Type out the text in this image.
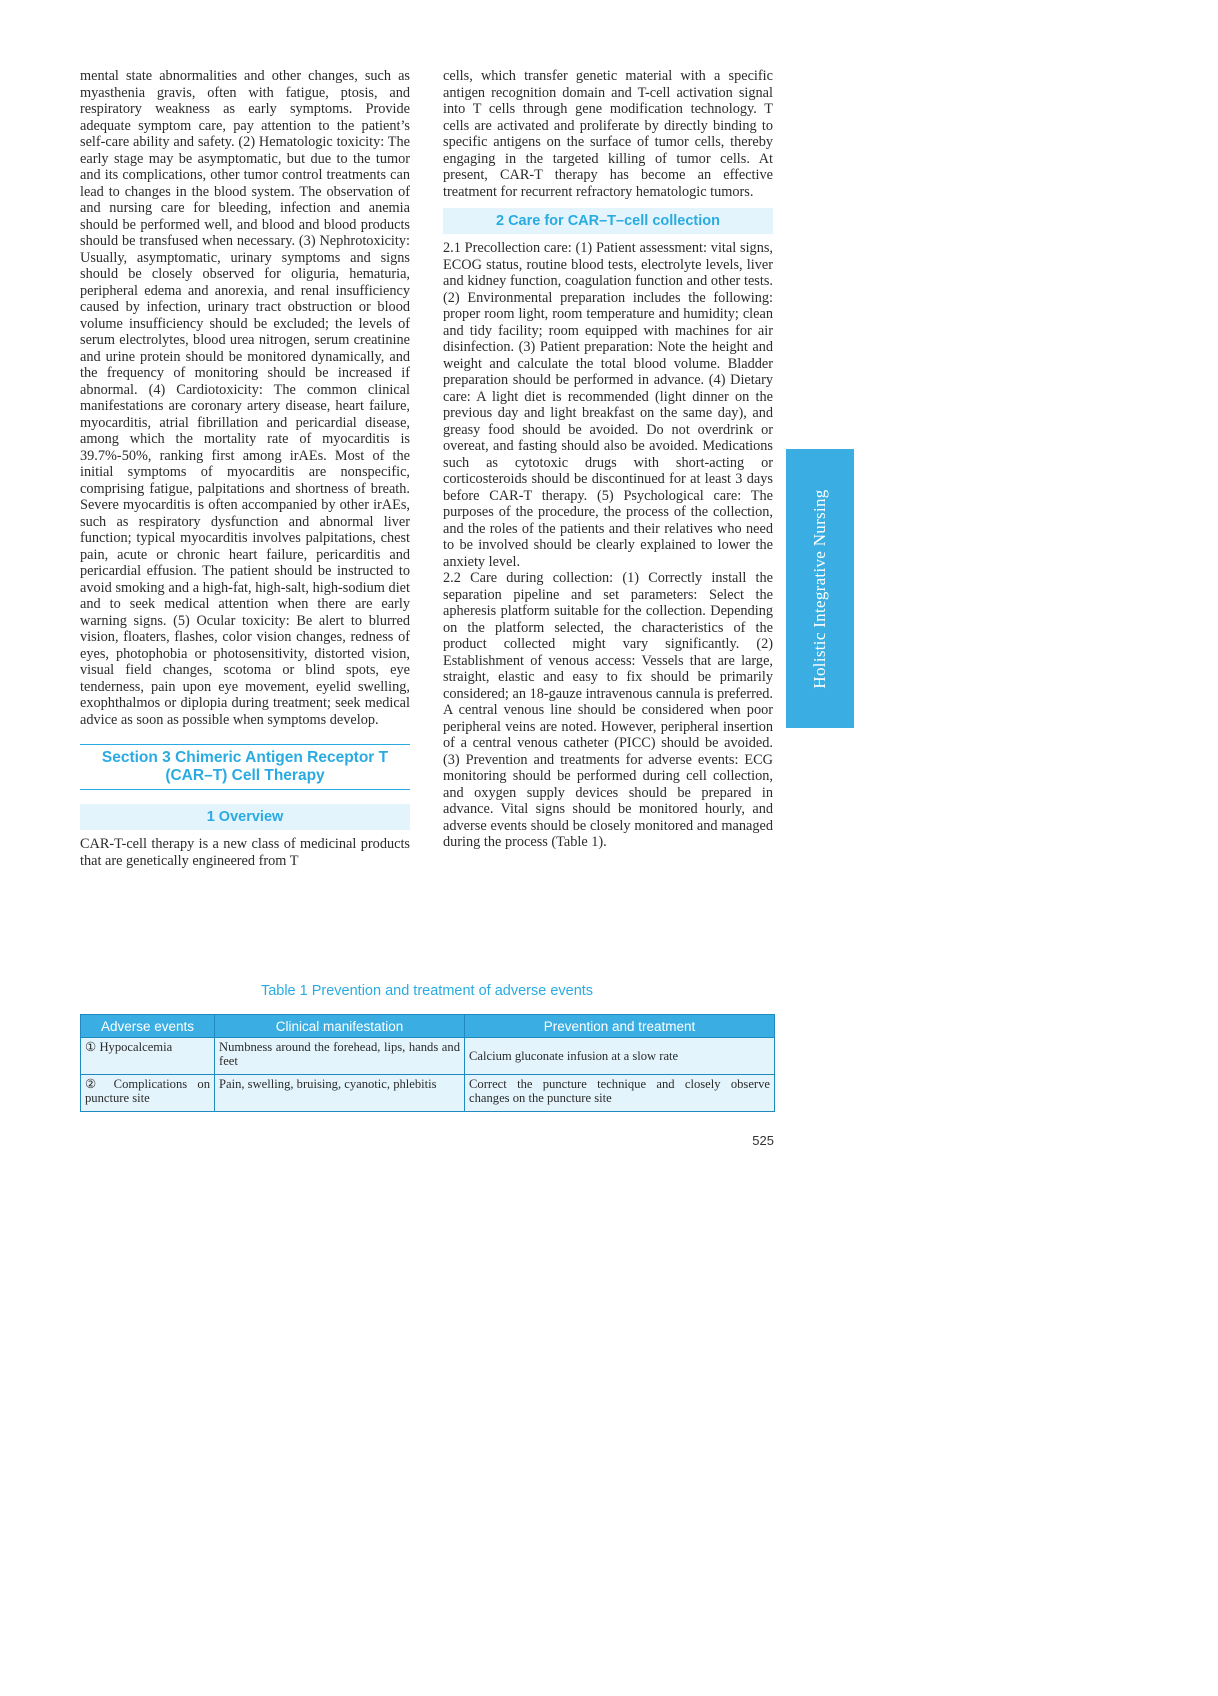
mental state abnormalities and other changes, such as myasthenia gravis, often with fatigue, ptosis, and respiratory weakness as early symptoms. Provide adequate symptom care, pay attention to the patient’s self-care ability and safety. (2) Hematologic toxicity: The early stage may be asymptomatic, but due to the tumor and its complications, other tumor control treatments can lead to changes in the blood system. The observation of and nursing care for bleeding, infection and anemia should be performed well, and blood and blood products should be transfused when necessary. (3) Nephrotoxicity: Usually, asymptomatic, urinary symptoms and signs should be closely observed for oliguria, hematuria, peripheral edema and anorexia, and renal insufficiency caused by infection, urinary tract obstruction or blood volume insufficiency should be excluded; the levels of serum electrolytes, blood urea nitrogen, serum creatinine and urine protein should be monitored dynamically, and the frequency of monitoring should be increased if abnormal. (4) Cardiotoxicity: The common clinical manifestations are coronary artery disease, heart failure, myocarditis, atrial fibrillation and pericardial disease, among which the mortality rate of myocarditis is 39.7%-50%, ranking first among irAEs. Most of the initial symptoms of myocarditis are nonspecific, comprising fatigue, palpitations and shortness of breath. Severe myocarditis is often accompanied by other irAEs, such as respiratory dysfunction and abnormal liver function; typical myocarditis involves palpitations, chest pain, acute or chronic heart failure, pericarditis and pericardial effusion. The patient should be instructed to avoid smoking and a high-fat, high-salt, high-sodium diet and to seek medical attention when there are early warning signs. (5) Ocular toxicity: Be alert to blurred vision, floaters, flashes, color vision changes, redness of eyes, photophobia or photosensitivity, distorted vision, visual field changes, scotoma or blind spots, eye tenderness, pain upon eye movement, eyelid swelling, exophthalmos or diplopia during treatment; seek medical advice as soon as possible when symptoms develop.

Section 3 Chimeric Antigen Receptor T (CAR–T) Cell Therapy
1 Overview

CAR-T-cell therapy is a new class of medicinal products that are genetically engineered from T

cells, which transfer genetic material with a specific antigen recognition domain and T-cell activation signal into T cells through gene modification technology. T cells are activated and proliferate by directly binding to specific antigens on the surface of tumor cells, thereby engaging in the targeted killing of tumor cells. At present, CAR-T therapy has become an effective treatment for recurrent refractory hematologic tumors.

2 Care for CAR–T–cell collection

2.1 Precollection care: (1) Patient assessment: vital signs, ECOG status, routine blood tests, electrolyte levels, liver and kidney function, coagulation function and other tests. (2) Environmental preparation includes the following: proper room light, room temperature and humidity; clean and tidy facility; room equipped with machines for air disinfection. (3) Patient preparation: Note the height and weight and calculate the total blood volume. Bladder preparation should be performed in advance. (4) Dietary care: A light diet is recommended (light dinner on the previous day and light breakfast on the same day), and greasy food should be avoided. Do not overdrink or overeat, and fasting should also be avoided. Medications such as cytotoxic drugs with short-acting or corticosteroids should be discontinued for at least 3 days before CAR-T therapy. (5) Psychological care: The purposes of the procedure, the process of the collection, and the roles of the patients and their relatives who need to be involved should be clearly explained to lower the anxiety level.

2.2 Care during collection: (1) Correctly install the separation pipeline and set parameters: Select the apheresis platform suitable for the collection. Depending on the platform selected, the characteristics of the product collected might vary significantly. (2) Establishment of venous access: Vessels that are large, straight, elastic and easy to fix should be primarily considered; an 18-gauze intravenous cannula is preferred. A central venous line should be considered when poor peripheral veins are noted. However, peripheral insertion of a central venous catheter (PICC) should be avoided. (3) Prevention and treatments for adverse events: ECG monitoring should be performed during cell collection, and oxygen supply devices should be prepared in advance. Vital signs should be monitored hourly, and adverse events should be closely monitored and managed during the process (Table 1).

Holistic Integrative Nursing
Table 1 Prevention and treatment of adverse events
Adverse events	Clinical manifestation	Prevention and treatment
① Hypocalcemia	Numbness around the forehead, lips, hands and feet	Calcium gluconate infusion at a slow rate
② Complications on puncture site	Pain, swelling, bruising, cyanotic, phlebitis	Correct the puncture technique and closely observe changes on the puncture site
525
